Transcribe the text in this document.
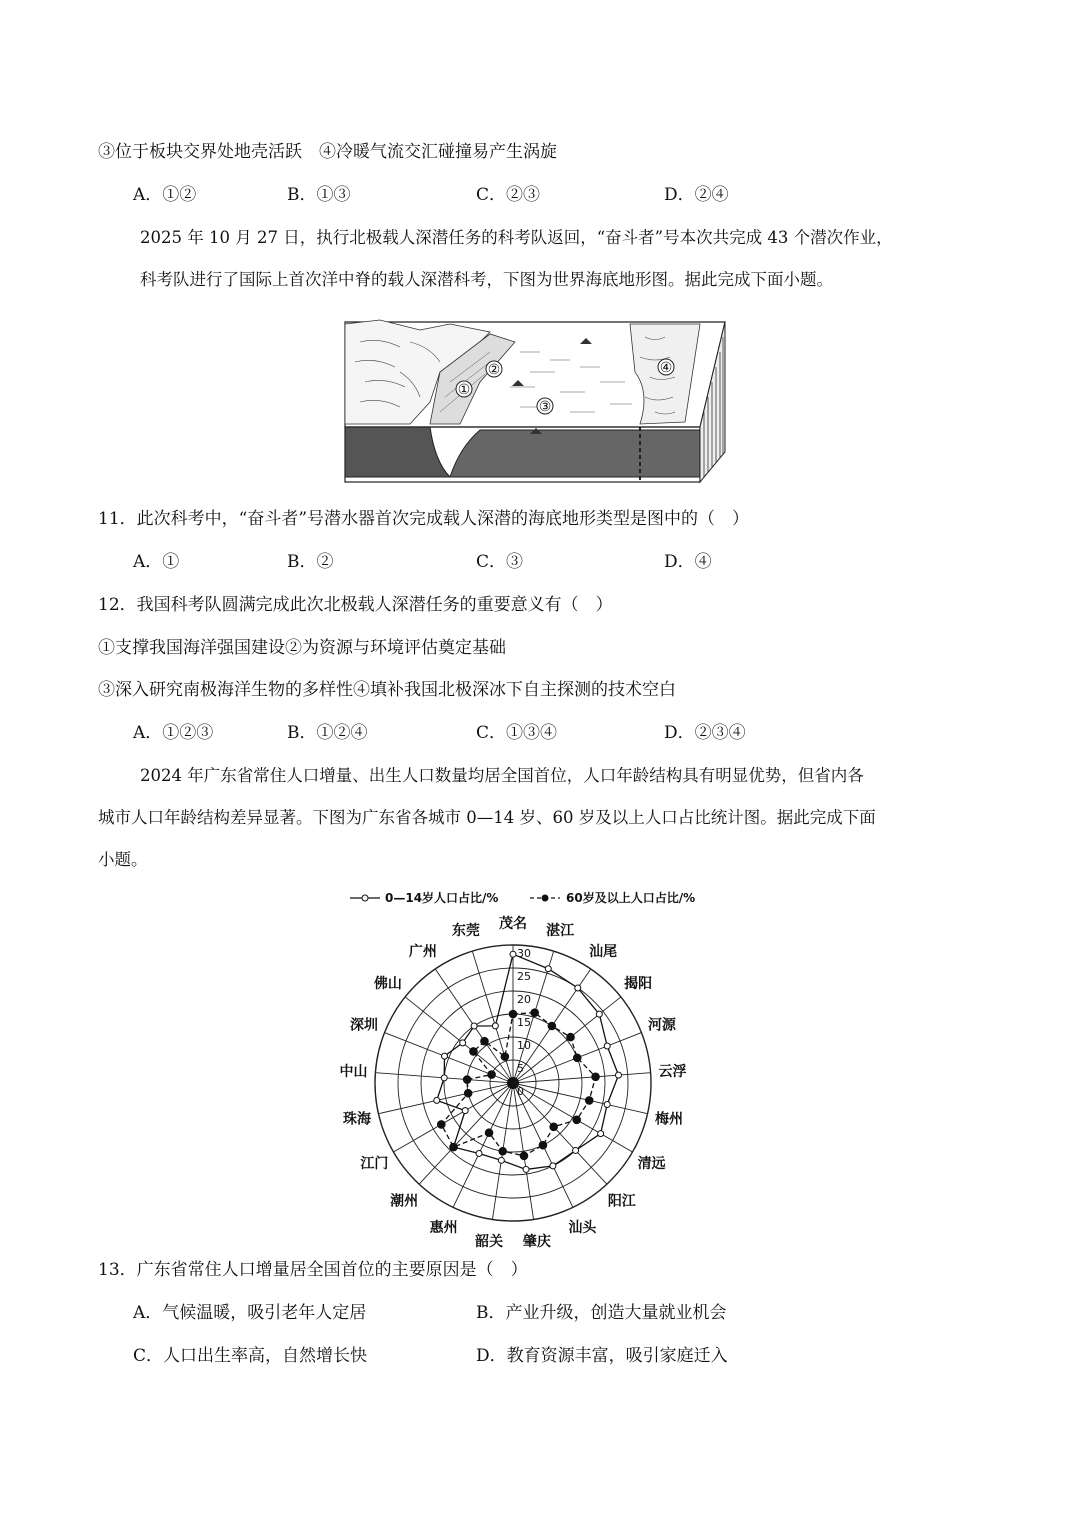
③位于板块交界处地壳活跃　④冷暖气流交汇碰撞易产生涡旋
A．①②	B．①③	C．②③	D．②④
2025 年 10 月 27 日，执行北极载人深潜任务的科考队返回，“奋斗者”号本次共完成 43 个潜次作业，
科考队进行了国际上首次洋中脊的载人深潜科考，下图为世界海底地形图。据此完成下面小题。
①
②
③
④
11．此次科考中，“奋斗者”号潜水器首次完成载人深潜的海底地形类型是图中的（　）
A．①	B．②	C．③	D．④
12．我国科考队圆满完成此次北极载人深潜任务的重要意义有（　）
①支撑我国海洋强国建设②为资源与环境评估奠定基础
③深入研究南极海洋生物的多样性④填补我国北极深冰下自主探测的技术空白
A．①②③	B．①②④	C．①③④	D．②③④
2024 年广东省常住人口增量、出生人口数量均居全国首位，人口年龄结构具有明显优势，但省内各
城市人口年龄结构差异显著。下图为广东省各城市 0—14 岁、60 岁及以上人口占比统计图。据此完成下面
小题。
0—14岁人口占比/%	60岁及以上人口占比/%
0
5
10
15
20
25
30
茂名 湛江
汕尾
揭阳
河源
云浮
梅州
清远
阳江
汕头
肇庆
韶关
惠州
潮州
江门
珠海
中山
深圳
佛山
广州
东莞
13．广东省常住人口增量居全国首位的主要原因是（　）
A．气候温暖，吸引老年人定居	B．产业升级，创造大量就业机会
C．人口出生率高，自然增长快	D．教育资源丰富，吸引家庭迁入
